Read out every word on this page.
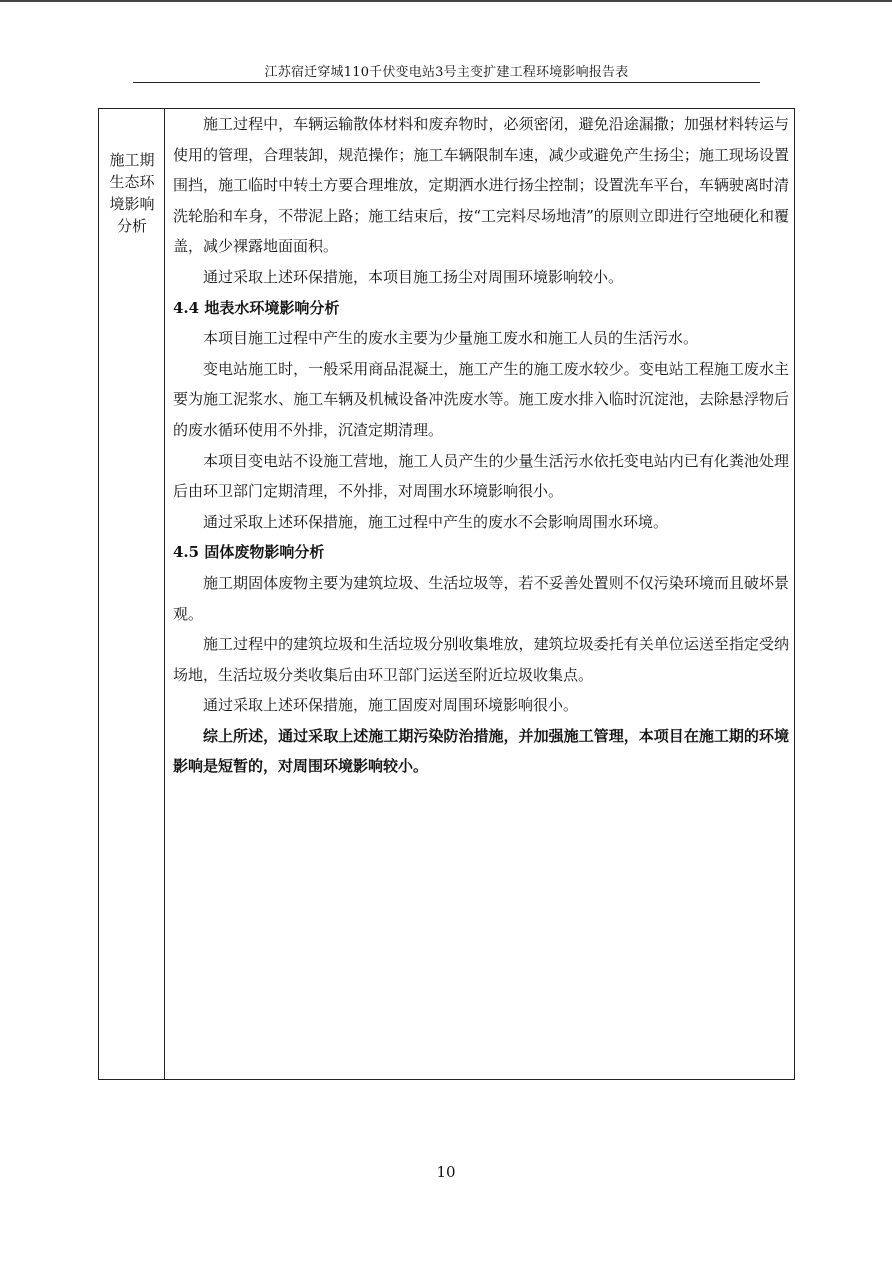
江苏宿迁穿城110千伏变电站3号主变扩建工程环境影响报告表
施工期生态环境影响分析

施工过程中，车辆运输散体材料和废弃物时，必须密闭，避免沿途漏撒；加强材料转运与使用的管理，合理装卸，规范操作；施工车辆限制车速，减少或避免产生扬尘；施工现场设置围挡，施工临时中转土方要合理堆放，定期洒水进行扬尘控制；设置洗车平台，车辆驶离时清洗轮胎和车身，不带泥上路；施工结束后，按“工完料尽场地清”的原则立即进行空地硬化和覆盖，减少裸露地面面积。

通过采取上述环保措施，本项目施工扬尘对周围环境影响较小。

4.4 地表水环境影响分析

本项目施工过程中产生的废水主要为少量施工废水和施工人员的生活污水。

变电站施工时，一般采用商品混凝土，施工产生的施工废水较少。变电站工程施工废水主要为施工泥浆水、施工车辆及机械设备冲洗废水等。施工废水排入临时沉淀池，去除悬浮物后的废水循环使用不外排，沉渣定期清理。

本项目变电站不设施工营地，施工人员产生的少量生活污水依托变电站内已有化粪池处理后由环卫部门定期清理，不外排，对周围水环境影响很小。

通过采取上述环保措施，施工过程中产生的废水不会影响周围水环境。

4.5 固体废物影响分析

施工期固体废物主要为建筑垃圾、生活垃圾等，若不妥善处置则不仅污染环境而且破坏景观。

施工过程中的建筑垃圾和生活垃圾分别收集堆放，建筑垃圾委托有关单位运送至指定受纳场地，生活垃圾分类收集后由环卫部门运送至附近垃圾收集点。

通过采取上述环保措施，施工固废对周围环境影响很小。

综上所述，通过采取上述施工期污染防治措施，并加强施工管理，本项目在施工期的环境影响是短暂的，对周围环境影响较小。

10
